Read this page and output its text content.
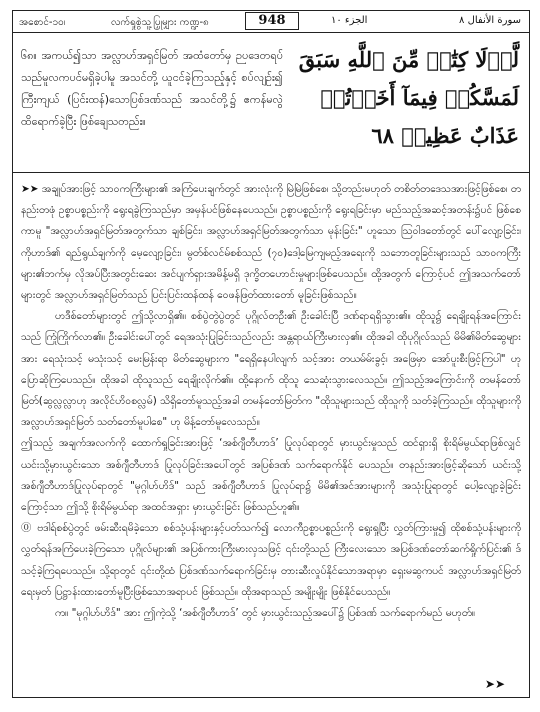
အစောင်-၁၀၊	လက်ရှုစွဲသူ့ပြှုမျှား ကဏ္ဍ-၈	948	الجزء ١٠	سورة الأنفال ٨
၆၈။ အကယ်၍သာ အလ္လာဟ်အရှင်မြတ် အထံတော်မှ ဉပဒေတရပ်သည်မူလကပင်မရှိခဲ့ပါမူ အသင်တို့ ယူငင်ခဲ့ကြသည့်နှင့် စပ်လျဉ်း၍ ကြီးကျယ် (ပြင်းထန်)သောပြစ်ဒဏ်သည် အသင်တို့၌ ဧကန်မလွဲ ထိရောက်ခဲ့ပြီး ဖြစ်ချေသတည်း။
لَّوۡلَا كِتَٰبٞ مِّنَ ٱللَّهِ سَبَقَ لَمَسَّكُمۡ فِيمَآ أَخَذۡتُمۡ عَذَابٌ عَظِيمٞ ٦٨

➤➤ အချုပ်အားဖြင့် သာဝကကြီးများ၏ အကြံပေးချက်တွင် အားလုံးကို မြဲမြဲဖြစ်စေ၊ သို့တည်းမဟုတ် တစိတ်တဒေသအားဖြင့်ဖြစ်စေ၊ တနည်းတဖုံ ဥစ္စာပစ္စည်းကို ရွေးရခွဲကြသည်မှာ အမှန်ပင်ဖြစ်နေပေသည်။ ဥစ္စာပစ္စည်းကို ရွေးရခြင်းမှာ မည်သည့်အဆင့်အတန်း၌ပင် ဖြစ်စေကာမူ "အလ္လာဟ်အရှင်မြတ်အတွက်သာ ချစ်ခြင်း၊ အလ္လာဟ်အရှင်မြတ်အတွက်သာ မုန်းခြင်း" ဟူသော ဩဝါဒတော်တွင် ပေါ်လျော့ခြင်း၊ ကိုဟာဒ်၏ ရည်ရွယ်ချက်ကို မေ့လျော့ခြင်း၊ မွတ်စ်လင်မ်စစ်သည် (၇၀)ဒေါ့မြေကျမည့်အရေးကို သဘောတူခြင်းများသည် သာဝကကြီးများ၏ဘက်မှ လိုအပ်ပြီးအတွင်းဆေး အင်ပျက်ရှားအမိန့်မရှိ ဒုက္ခိတဟောင်းမှုများဖြစ်ပေသည်။ ထို့အတွက် ကြောင့်ပင် ဤအသက်တော်များတွင် အလ္လာဟ်အရှင်မြတ်သည် ပြင်းပြင်းထန်ထန် ဝေဖန်ဖြတ်ထားတော် မူခြင်းဖြစ်သည်။

ဟဒီစ်တော်များတွင် ဤသို့လာရှိ၏။ စစ်ပွဲတွဲပွဲတွင် ပုဂ္ဂိုလ်တဦး၏ ဦးခေါင်းပြီ ဒဏ်ရာရရှိသွား၏။ ထိုသူ၌ ရေချိုးရန်အကြောင်းသည် ကြုံကြိုက်လာ၏။ ဦးခေါင်းပေါ်တွင် ရေအသုံးပြုခြင်းသည်လည်း အန္တရာယ်ကြီးမားလှ၏။ ထိုအခါ ထိုပုဂ္ဂိုလ်သည် မိမိ၏မိတ်ဆွေများအား ရေသုံးသင့် မသုံးသင့် မေးမြန်းရာ မိတ်ဆွေများက "ရေရှိနေပါလျက် သင့်အား တယမ်မ်းခွင့်၊ အဖြေမှာ အော်ပူးစီးဖြင့်ကြပါ" ဟု ပြောဆိုကြပေသည်။ ထိုအခါ ထိုသူသည် ရေချိုးလိုက်၏။ ထို့နောက် ထိုသူ သေဆုံးသွားလေသည်။ ဤသည့်အကြောင်းကို တမန်တော်မြတ်(ဆွလ္လလ္လာဟု အလိုင်ဟိဝစလ္လမ်) သိရှိတော်မူသည့်အခါ တမန်တော်မြတ်က "ထိုသူများသည် ထိုသူကို သတ်ခဲ့ကြသည်။ ထိုသူများကို အလ္လာဟ်အရှင်မြတ် သတ်တော်မူပါစေ" ဟု မိန့်တော်မူလေသည်။

ဤသည့် အချက်အလက်ကို ထောက်ရှုခြင်းအားဖြင့် ‘အစ်ဂျီတီဟာဒ်’ ပြုလုပ်ရာတွင် မှားယွင်းမှုသည် ထင်ရှားရှိ စိုးရိမ်မွယ်ရာဖြစ်လျှင် ယင်းသို့မှားယွင်းသော အစ်ဂျီတီဟာဒ် ပြုလုပ်ခြင်းအပေါ်တွင် အပြစ်ဒဏ် သက်ရောက်နိုင် ပေသည်။ တနည်းအားဖြင့်ဆိုသော် ယင်းသို့ အစ်ဂျီတီဟာဒ်ပြုလုပ်ရာတွင် "မုဂ္ဂါဟ်ဟိဒ်" သည် အစ်ဂျီတီဟာဒ် ပြုလုပ်ရာ၌ မိမိ၏အင်အားများကို အသုံးပြုရာတွင် ပေါ့လျော့ခဲ့ခြင်းကြောင့်သာ ဤသို့ စိုးရိမ်မွယ်ရာ အထင်အရှား မှားယွင်းခြင်း ဖြစ်သည်ဟူ၏။

⓪ ဗ‌ဒါရ်စစ်ပွဲတွင် ဖမ်းဆီးရမိခဲ့သော စစ်သုံ့ပန်းများနှင့်ပတ်သက်၍ လောကီဥစ္စာပစ္စည်းကို ရွေးရှုပြီး လွှတ်ကြားမှု၍ ထိုစစ်သုံ့ပန်းများကို လွှတ်ရန်အကြံပေးခဲ့ကြသော ပုဂ္ဂိုလ်များ၏ အပြစ်ကားကြီးမားလှသဖြင့် ၎င်းတို့သည် ကြီးလေးသော အပြစ်ဒဏ်တော်ဆက်ရှိုက်ပြင်း၏ ဒ်သင့်ခဲ့ကြရပေသည်။ သို့ရာတွင် ၎င်းတို့ထံ ပြစ်ဒဏ်သက်ရောက်ခြင်းမှ တားဆီးလှုပ်နိုင်သောအရာမှာ ရှေးမဆွကပင် အလ္လာဟ်အရှင်မြတ် ရေးမှတ် ပြဋ္ဌာန်းထားတော်မူပြီးဖြစ်သောအရာပင် ဖြစ်သည်။ ထိုအရာသည် အမျိုးမျိုး ဖြစ်နိုင်ပေသည်။

က။ "မုဂ္ဂါဟ်ဟိဒ်" အား ဤကဲ့သို့ ‘အစ်ဂျီတီဟာဒ်’ တွင် မှားယွင်းသည့်အပေါ်၌ ပြစ်ဒဏ် သက်ရောက်မည် မဟုတ်။

➤➤
